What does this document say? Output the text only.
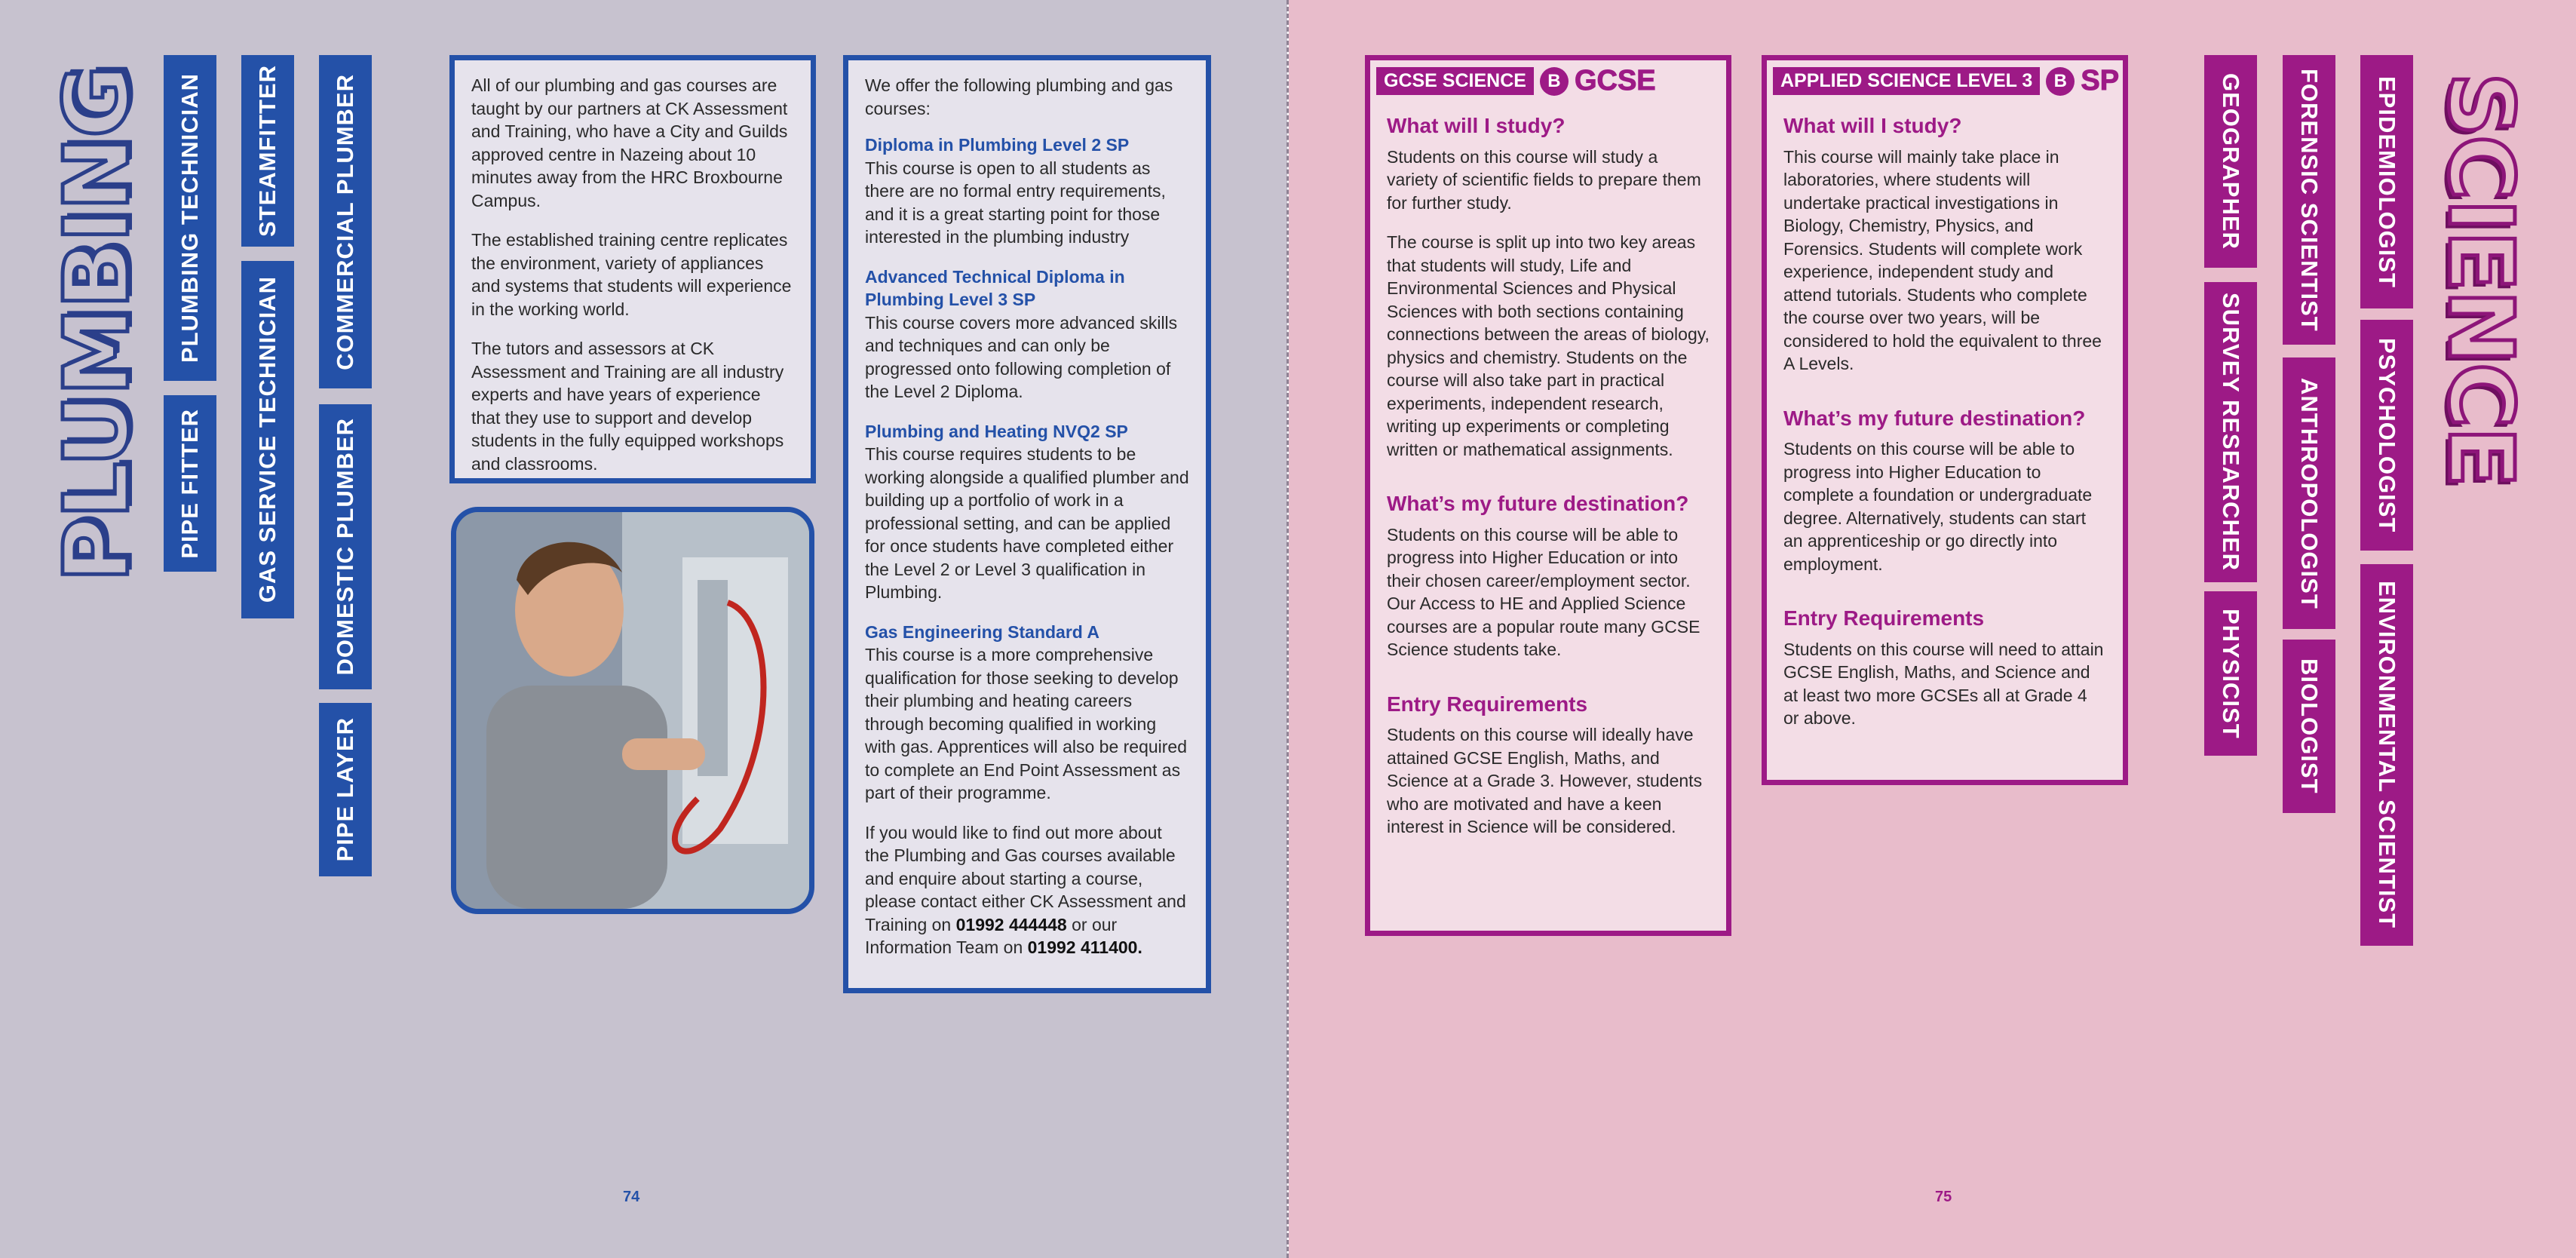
PLUMBING PLUMBING TECHNICIAN
PIPE FITTER
STEAMFITTER
GAS SERVICE TECHNICIAN
COMMERCIAL PLUMBER
DOMESTIC PLUMBER
PIPE LAYER

All of our plumbing and gas courses are taught by our partners at CK Assessment and Training, who have a City and Guilds approved centre in Nazeing about 10 minutes away from the HRC Broxbourne Campus.

The established training centre replicates the environment, variety of appliances and systems that students will experience in the working world.

The tutors and assessors at CK Assessment and Training are all industry experts and have years of experience that they use to support and develop students in the fully equipped workshops and classrooms.

We offer the following plumbing and gas courses:

Diploma in Plumbing Level 2 SP
This course is open to all students as there are no formal entry requirements, and it is a great starting point for those interested in the plumbing industry
Advanced Technical Diploma in Plumbing Level 3 SP
This course covers more advanced skills and techniques and can only be progressed onto following completion of the Level 2 Diploma.
Plumbing and Heating NVQ2 SP
This course requires students to be working alongside a qualified plumber and building up a portfolio of work in a professional setting, and can be applied for once students have completed either the Level 2 or Level 3 qualification in Plumbing.
Gas Engineering Standard A
This course is a more comprehensive qualification for those seeking to develop their plumbing and heating careers through becoming qualified in working with gas. Apprentices will also be required to complete an End Point Assessment as part of their programme.
If you would like to find out more about the Plumbing and Gas courses available and enquire about starting a course, please contact either CK Assessment and Training on 01992 444448 or our Information Team on 01992 411400.
74
What will I study?

Students on this course will study a variety of scientific fields to prepare them for further study.

The course is split up into two key areas that students will study, Life and Environmental Sciences and Physical Sciences with both sections containing connections between the areas of biology, physics and chemistry. Students on the course will also take part in practical experiments, independent research, writing up experiments or completing written or mathematical assignments.

What’s my future destination?

Students on this course will be able to progress into Higher Education or into their chosen career/employment sector. Our Access to HE and Applied Science courses are a popular route many GCSE Science students take.

Entry Requirements

Students on this course will ideally have attained GCSE English, Maths, and Science at a Grade 3. However, students who are motivated and have a keen interest in Science will be considered.

GCSE SCIENCE	B GCSE
What will I study?

This course will mainly take place in laboratories, where students will undertake practical investigations in Biology, Chemistry, Physics, and Forensics. Students will complete work experience, independent study and attend tutorials. Students who complete the course over two years, will be considered to hold the equivalent to three A Levels.

What’s my future destination?

Students on this course will be able to progress into Higher Education to complete a foundation or undergraduate degree. Alternatively, students can start an apprenticeship or go directly into employment.

Entry Requirements

Students on this course will need to attain GCSE English, Maths, and Science and at least two more GCSEs all at Grade 4 or above.

APPLIED SCIENCE LEVEL 3	B SP	GEOGRAPHER
SURVEY RESEARCHER
PHYSICIST
FORENSIC SCIENTIST
ANTHROPOLOGIST
BIOLOGIST
EPIDEMIOLOGIST
PSYCHOLOGIST
ENVIRONMENTAL SCIENTIST
SCIENCE
75
